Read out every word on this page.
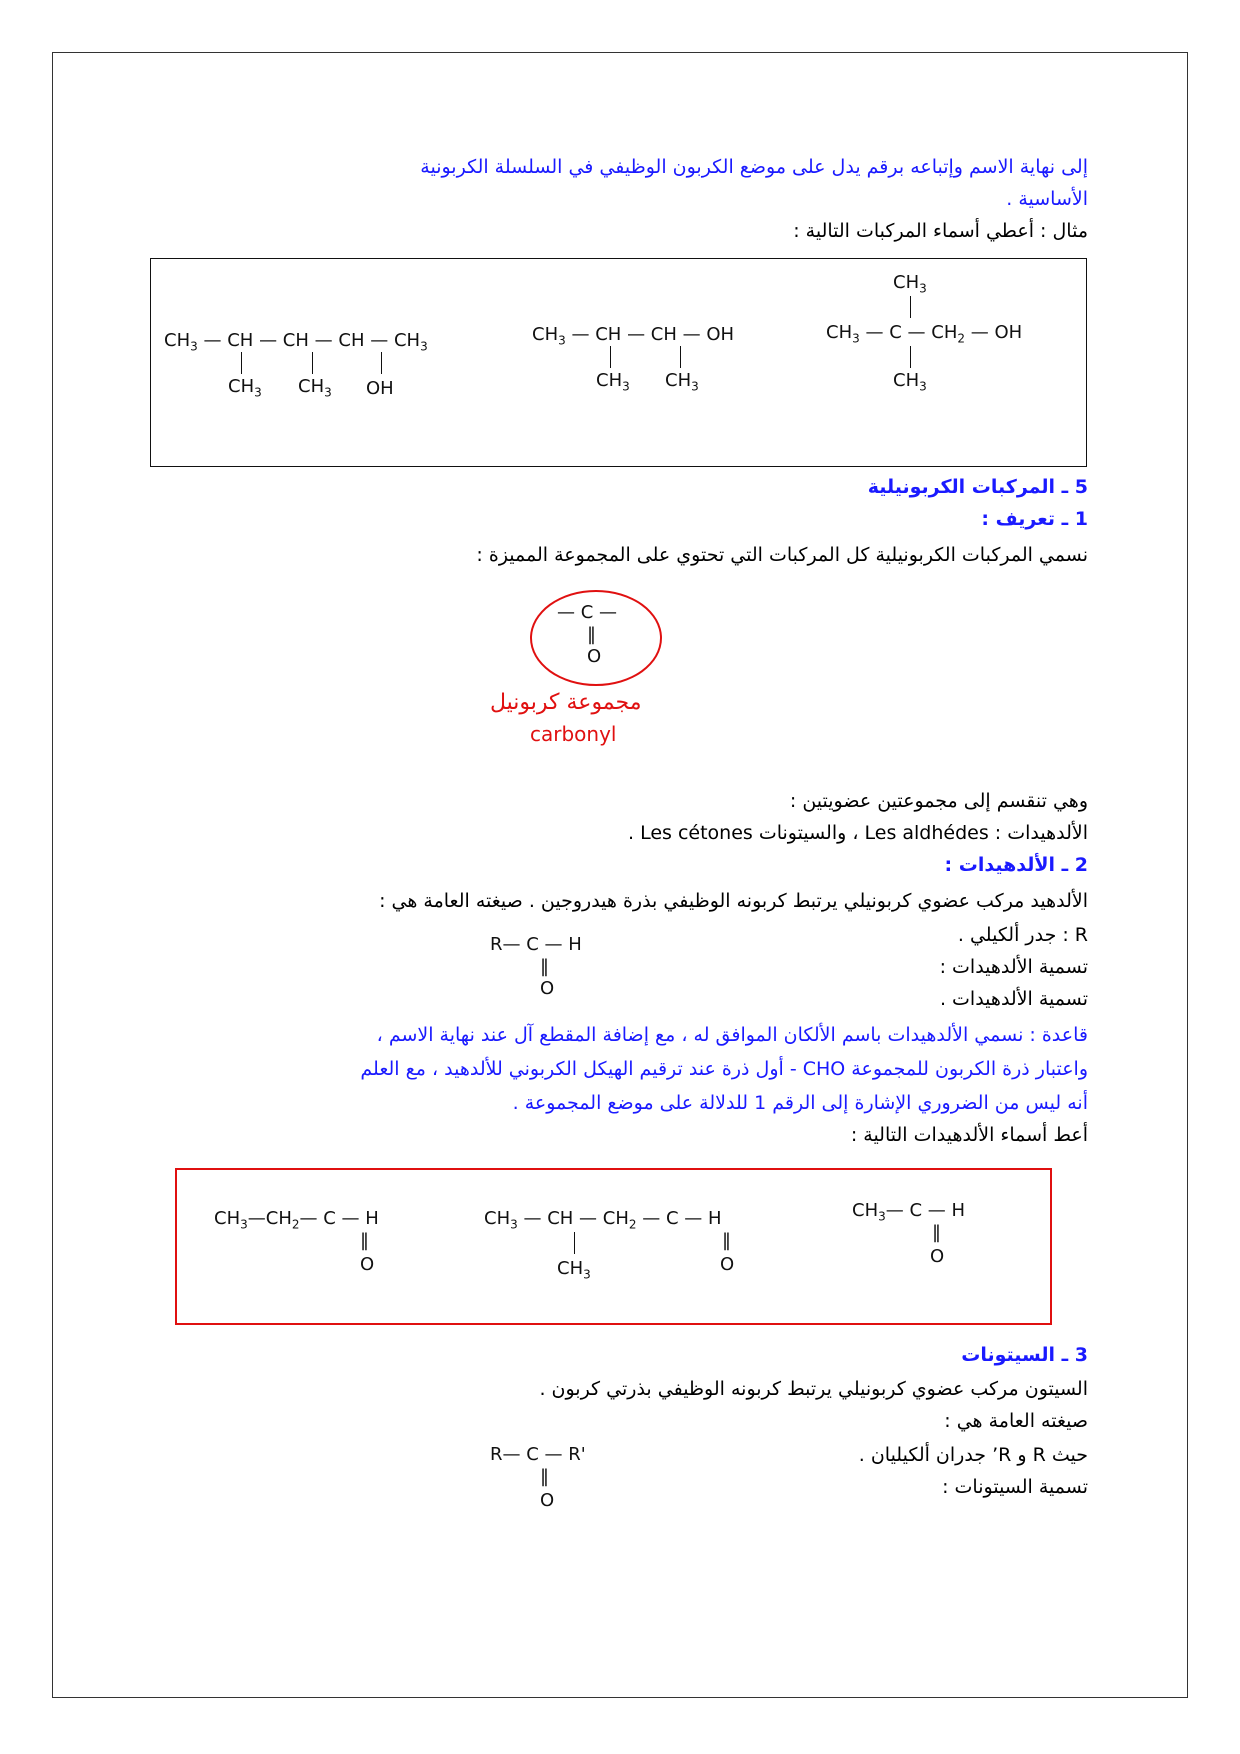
إلى نهاية الاسم وإتباعه برقم يدل على موضع الكربون الوظيفي في السلسلة الكربونية
الأساسية .
مثال : أعطي أسماء المركبات التالية :
$CH_3$ — CH — CH — CH — $CH_3$
$CH_3$ $CH_3$ OH
$CH_3$ — CH — CH — OH
$CH_3$ $CH_3$
$CH_3$
$CH_3$ — C — $CH_2$ — OH
$CH_3$
5 ـ المركبات الكربونيلية
1 ـ تعريف :
نسمي المركبات الكربونيلية كل المركبات التي تحتوي على المجموعة المميزة :
— C —
‖
O
مجموعة كربونيل
carbonyl
وهي تنقسم إلى مجموعتين عضويتين :
الألدهيدات : Les aldhédes ، والسيتونات Les cétones .
2 ـ الألدهيدات :
الألدهيد مركب عضوي كربونيلي يرتبط كربونه الوظيفي بذرة هيدروجين . صيغته العامة هي :
R : جدر ألكيلي .
تسمية الألدهيدات :
تسمية الألدهيدات .
R— C — H
‖
O
قاعدة : نسمي الألدهيدات باسم الألكان الموافق له ، مع إضافة المقطع آل عند نهاية الاسم ،
واعتبار ذرة الكربون للمجموعة CHO - أول ذرة عند ترقيم الهيكل الكربوني للألدهيد ، مع العلم
أنه ليس من الضروري الإشارة إلى الرقم 1 للدلالة على موضع المجموعة .
أعط أسماء الألدهيدات التالية :
$CH_3—CH_2—$ C — H
‖
O
$CH_3$ — CH — $CH_2$ — C — H
$CH_3$
‖
O
$CH_3—$ C — H
‖
O
3 ـ السيتونات
السيتون مركب عضوي كربونيلي يرتبط كربونه الوظيفي بذرتي كربون .
صيغته العامة هي :
حيث R و R’ جدران ألكيليان .
تسمية السيتونات :
R— C — R'
‖
O
